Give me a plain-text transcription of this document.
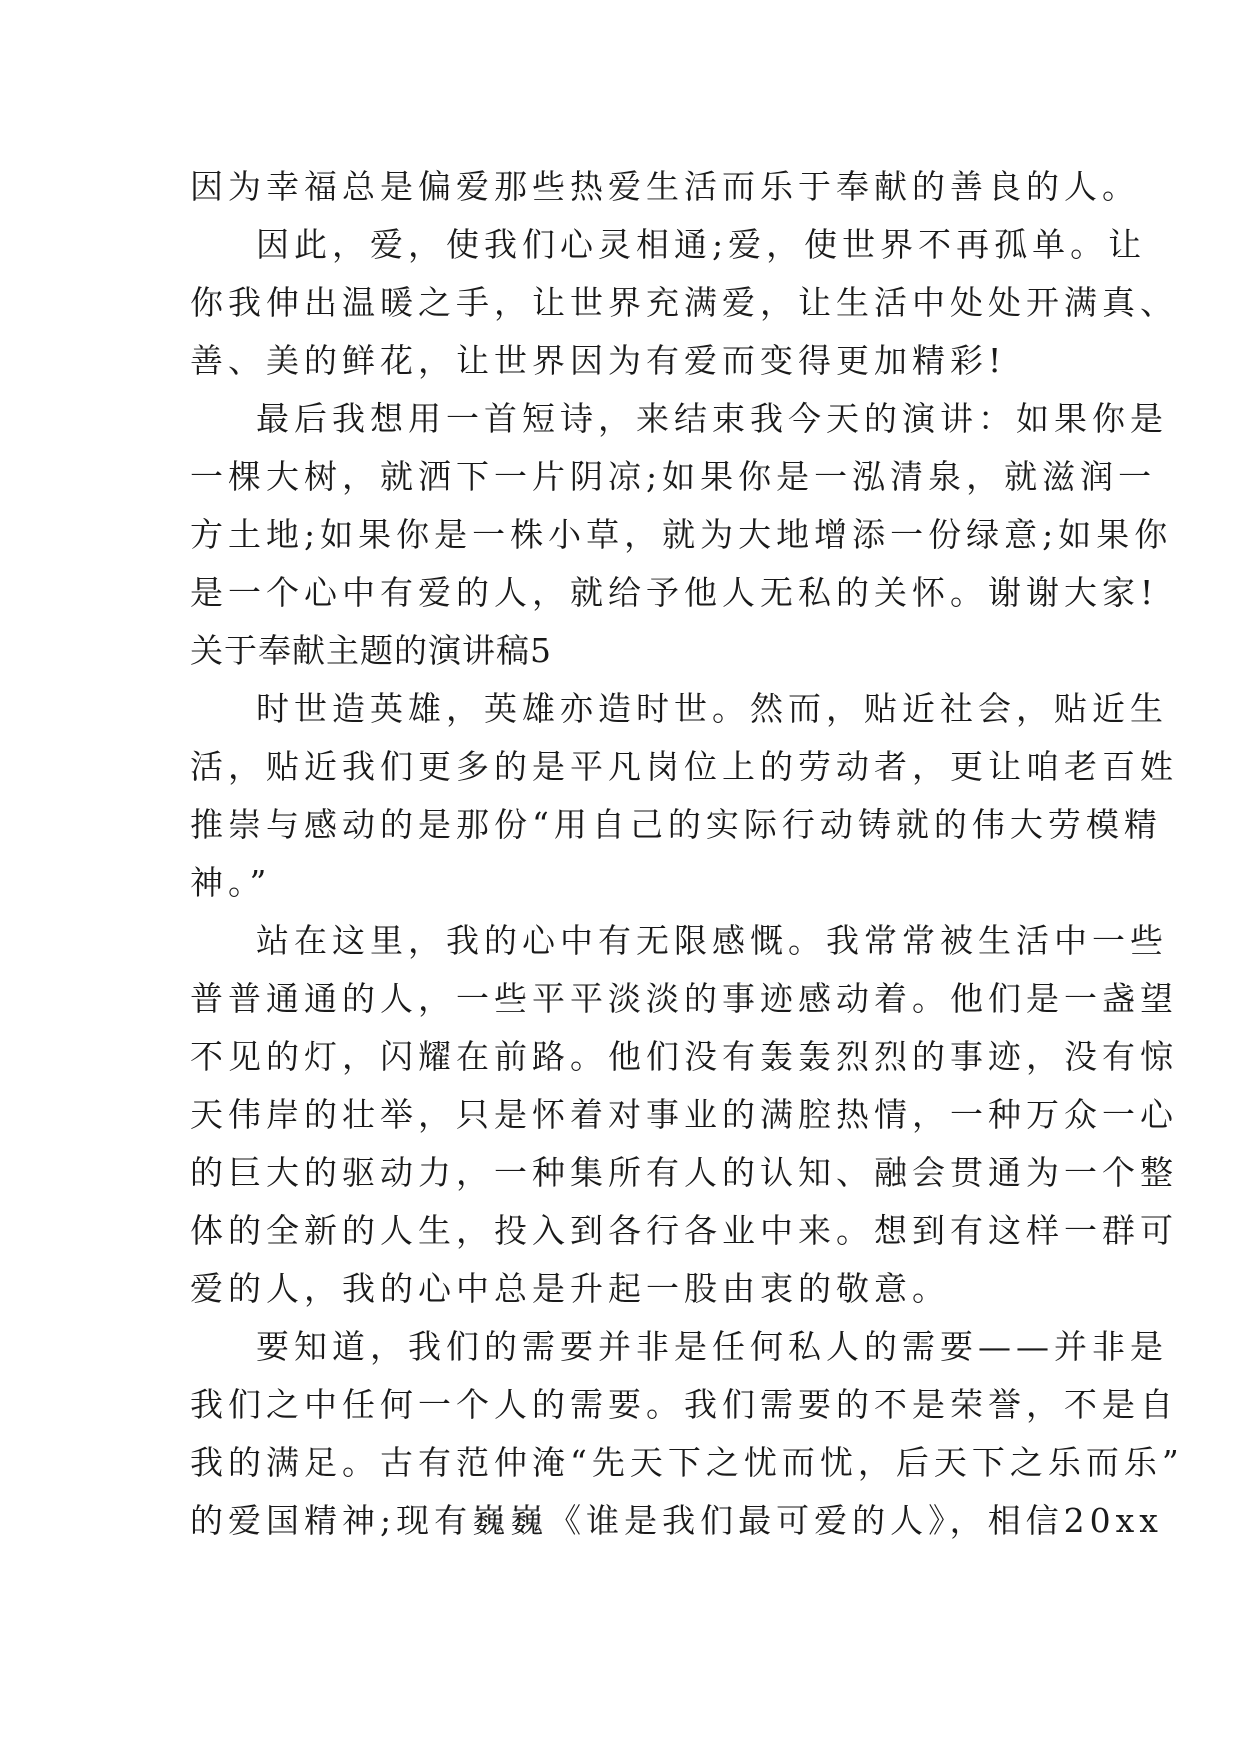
因为幸福总是偏爱那些热爱生活而乐于奉献的善良的人。
因此，爱，使我们心灵相通;爱，使世界不再孤单。让
你我伸出温暖之手，让世界充满爱，让生活中处处开满真、
善、美的鲜花，让世界因为有爱而变得更加精彩!
最后我想用一首短诗，来结束我今天的演讲：如果你是
一棵大树，就洒下一片阴凉;如果你是一泓清泉，就滋润一
方土地;如果你是一株小草，就为大地增添一份绿意;如果你
是一个心中有爱的人，就给予他人无私的关怀。谢谢大家!
关于奉献主题的演讲稿5
时世造英雄，英雄亦造时世。然而，贴近社会，贴近生
活，贴近我们更多的是平凡岗位上的劳动者，更让咱老百姓
推崇与感动的是那份“用自己的实际行动铸就的伟大劳模精
神。”
站在这里，我的心中有无限感慨。我常常被生活中一些
普普通通的人，一些平平淡淡的事迹感动着。他们是一盏望
不见的灯，闪耀在前路。他们没有轰轰烈烈的事迹，没有惊
天伟岸的壮举，只是怀着对事业的满腔热情，一种万众一心
的巨大的驱动力，一种集所有人的认知、融会贯通为一个整
体的全新的人生，投入到各行各业中来。想到有这样一群可
爱的人，我的心中总是升起一股由衷的敬意。
要知道，我们的需要并非是任何私人的需要——并非是
我们之中任何一个人的需要。我们需要的不是荣誉，不是自
我的满足。古有范仲淹“先天下之忧而忧，后天下之乐而乐”
的爱国精神;现有巍巍《谁是我们最可爱的人》，相信20xx
